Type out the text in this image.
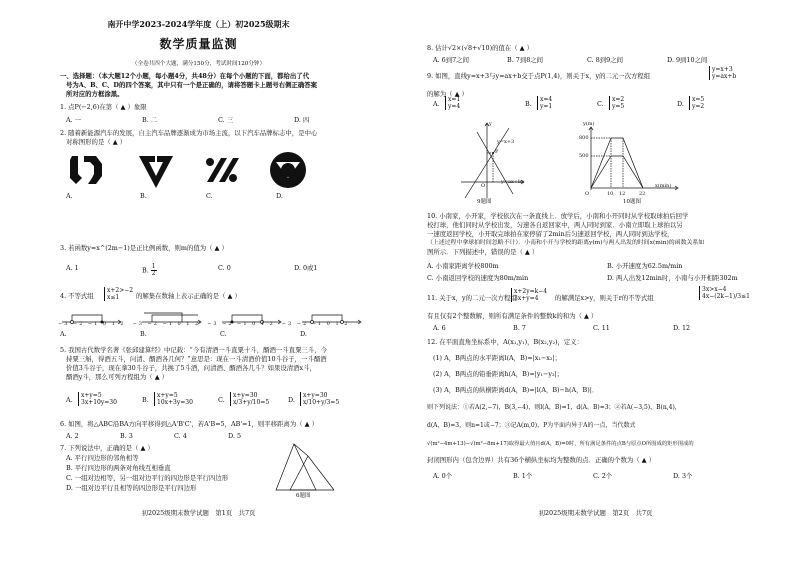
南开中学2023-2024学年度（上）初2025级期末
数学质量监测
（全卷共四个大题，满分150分，考试时间120分钟）
一、选择题：（本大题12个小题，每小题4分，共48分）在每个小题的下面，都给出了代
号为A、B、C、D的四个答案，其中只有一个是正确的，请将答题卡上题号右侧正确答案
所对应的方框涂黑。
1. 点P(−2,6)在第（ ▲ ）象限
A. 一	B. 二	C. 三	D. 四
2. 随着新能源汽车的发展，自主汽车品牌逐渐成为市场主流，以下汽车品牌标志中，是中心
对称图形的是（ ▲ ）
A.	B.	C.	D.
3. 若函数y=x^(2m−1)是正比例函数，则m的值为（ ▲ ）
A. 1	B. $\frac{1}{2}$	C. 0	D. 0或1
4. 不等式组
x+2>−2
x≤1	的解集在数轴上表示正确的是（ ▲ ）
−3 −2 −1 0 1 2　−3 −2 −1 0 1 2　−3 −2 −1 0 1 2　−3 −2 −1 0 1 2
A.	B.	C.	D.
5. 我国古代数学名著《张邱建算经》中记载：“今有清酒一斗直粟十斗，醑酒一斗直粟三斗，今
持粟三斛，得酒五斗，问清、醑酒各几何？”意思是：现在一斗清酒价值10斗谷子，一斗醑酒
价值3斗谷子，现在拿30斗谷子，共换了5斗酒，问清酒、醑酒各几斗？如果设清酒x斗，
醑酒y斗，那么可列方程组为（ ▲ ）
A.
x+y=5
3x+10y=30	B.
x+y=5
10x+3y=30	C.
x+y=30
x/3+y/10=5	D.
x+y=30
x/10+y/3=5
6. 如图，将△ABC沿BA方向平移得到△A'B'C'，若A'B=5，AB'=1，则平移距离为（ ▲ ）
A. 2	B. 3	C. 4	D. 5
6题图
7. 下列说法中，正确的是（ ▲ ）
A. 平行四边形的邻角相等
B. 平行四边形的两条对角线互相垂直
C. 一组对边相等，另一组对边平行的四边形是平行四边形
D. 一组对边平行且相等的四边形是平行四边形
初2025级期末数学试题　第1页　共7页
8. 估计√2×(√8+√10)的值在（ ▲ ）
A. 6到7之间	B. 7到8之间	C. 8到9之间	D. 9到10之间
9. 如图，直线y=x+3与y=ax+b交于点P(1,4)，则关于x，y的二元一次方程组
y=x+3
y=ax+b
的解为（ ▲ ）
A.
x=1
y=4	B.
x=4
y=1	C.
x=2
y=5	D.
x=5
y=2
y=x+3
y=ax+b
P
O
x
y
9题图
800
500
y(m)
O	10 12	22
x(min)
10题图
10. 小南家，小开家，学校依次在一条直线上．放学后，小南和小开同时从学校取球拍后回学
校打球，他们同时从学校出发，匀速各自返回家中，两人同时到家．小南立即取上球拍以另
一速度返回学校，小开取完球拍在家停留了2min后匀速返回学校，两人同时到达学校，
（上述过程中拿球拍时间忽略不计）．小南和小开与学校的距离y(m)与两人出发的时间x(min)的函数关系如
图所示．下列描述中，错误的是（ ▲ ）
A. 小南家距离学校800m	B. 小开速度为62.5m/min
C. 小南返回学校的速度为80m/min	D. 两人出发12min时，小南与小开相距302m
11. 关于x，y的二元一次方程组
x+2y=k−4
3x+y=4	的解满足x>y，则关于r的不等式组
3x>x−4
4x−(2k−1)/3≤1
有且仅有2个整数解，则所有满足条件的整数k的和为（ ▲ ）
A. 6	B. 7	C. 11	D. 12
12. 在平面直角坐标系中，A(x₁,y₁)，B(x₂,y₂)，定义：
(1) A，B两点的水平距离l(A，B)=|x₁−x₂|；
(2) A，B两点的铅垂距离h(A，B)=|y₁−y₂|；
(3) A，B两点的纵横距离d(A，B)=|l(A，B)−h(A，B)|．
则下列说法：①若A(2,−7)，B(3,−4)，则l(A，B)=1，d(A，B)=3；②若A(−3,5)，B(n,4)，
d(A，B)=3，则n=1或−7；③记A(m,0)，P为平面内异于A的一点，当代数式
√(m²−4m+13)−√(m²−8m+17)取得最大值且d(A，B)=0时，所有满足条件的点B与原点O所围成的矩形围成的
封闭图形内（包含边界）共有36个横纵坐标均为整数的点．正确的个数为（ ▲ ）
A. 0个	B. 1个	C. 2个	D. 3个
初2025级期末数学试题　第2页　共7页
